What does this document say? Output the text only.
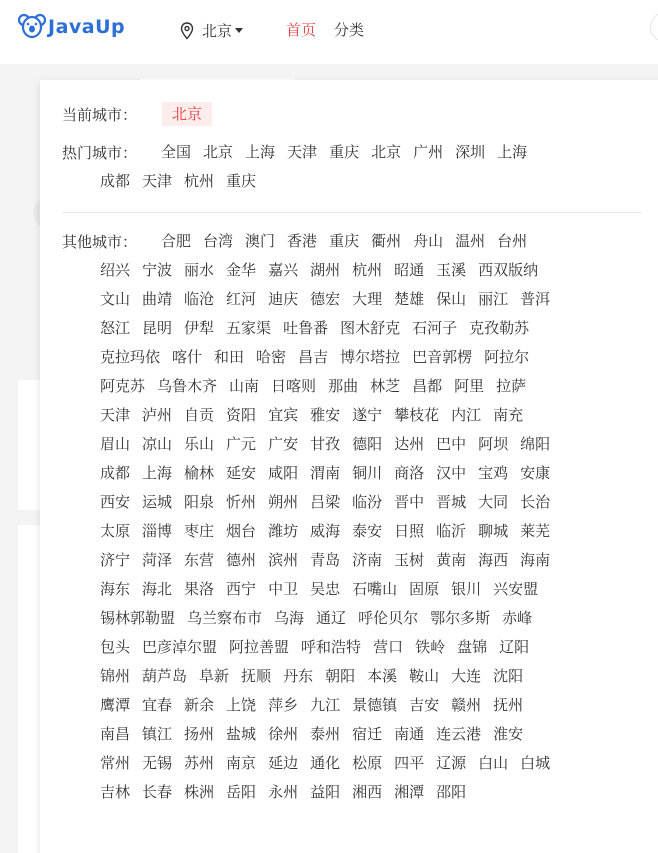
JavaUp	北京	首页 分类
当前城市：
热门城市：
其他城市：
北京
全国 北京 上海 天津 重庆 北京 广州 深圳 上海成都 天津 杭州 重庆
合肥 台湾 澳门 香港 重庆 衢州 舟山 温州 台州绍兴 宁波 丽水 金华 嘉兴 湖州 杭州 昭通 玉溪 西双版纳文山 曲靖 临沧 红河 迪庆 德宏 大理 楚雄 保山 丽江 普洱怒江 昆明 伊犁 五家渠 吐鲁番 图木舒克 石河子 克孜勒苏克拉玛依 喀什 和田 哈密 昌吉 博尔塔拉 巴音郭楞 阿拉尔阿克苏 乌鲁木齐 山南 日喀则 那曲 林芝 昌都 阿里 拉萨天津 泸州 自贡 资阳 宜宾 雅安 遂宁 攀枝花 内江 南充眉山 凉山 乐山 广元 广安 甘孜 德阳 达州 巴中 阿坝 绵阳成都 上海 榆林 延安 咸阳 渭南 铜川 商洛 汉中 宝鸡 安康西安 运城 阳泉 忻州 朔州 吕梁 临汾 晋中 晋城 大同 长治太原 淄博 枣庄 烟台 潍坊 威海 泰安 日照 临沂 聊城 莱芜济宁 菏泽 东营 德州 滨州 青岛 济南 玉树 黄南 海西 海南海东 海北 果洛 西宁 中卫 吴忠 石嘴山 固原 银川 兴安盟锡林郭勒盟 乌兰察布市 乌海 通辽 呼伦贝尔 鄂尔多斯 赤峰包头 巴彦淖尔盟 阿拉善盟 呼和浩特 营口 铁岭 盘锦 辽阳锦州 葫芦岛 阜新 抚顺 丹东 朝阳 本溪 鞍山 大连 沈阳鹰潭 宜春 新余 上饶 萍乡 九江 景德镇 吉安 赣州 抚州南昌 镇江 扬州 盐城 徐州 泰州 宿迁 南通 连云港 淮安常州 无锡 苏州 南京 延边 通化 松原 四平 辽源 白山 白城吉林 长春 株洲 岳阳 永州 益阳 湘西 湘潭 邵阳
